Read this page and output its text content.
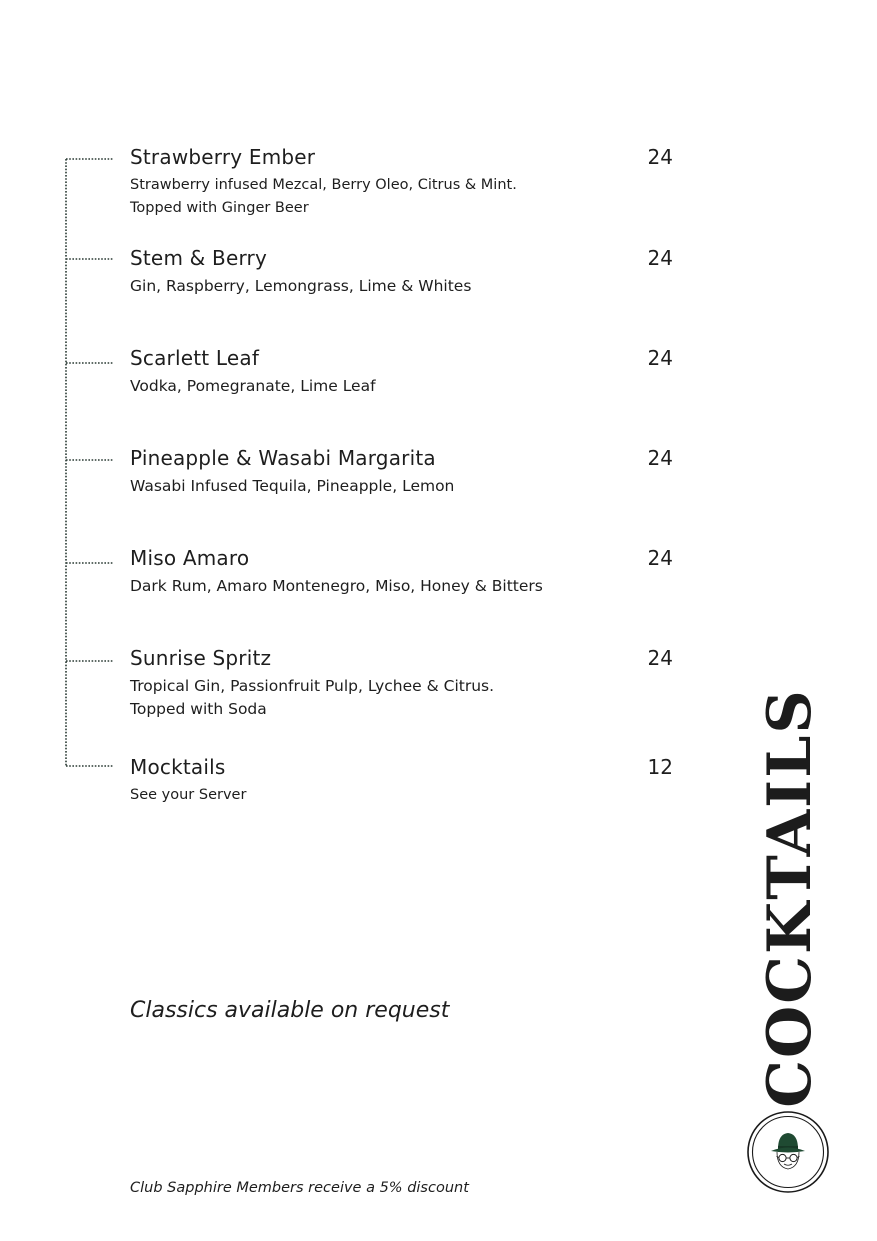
Strawberry Ember	24
Strawberry infused Mezcal, Berry Oleo, Citrus & Mint.
Topped with Ginger Beer
Stem & Berry	24
Gin, Raspberry, Lemongrass, Lime & Whites
Scarlett Leaf	24
Vodka, Pomegranate, Lime Leaf
Pineapple & Wasabi Margarita	24
Wasabi Infused Tequila, Pineapple, Lemon
Miso Amaro	24
Dark Rum, Amaro Montenegro, Miso, Honey & Bitters
Sunrise Spritz	24
Tropical Gin, Passionfruit Pulp, Lychee & Citrus.
Topped with Soda
Mocktails	12
See your Server
Classics available on request
Club Sapphire Members receive a 5% discount
COCKTAILS
